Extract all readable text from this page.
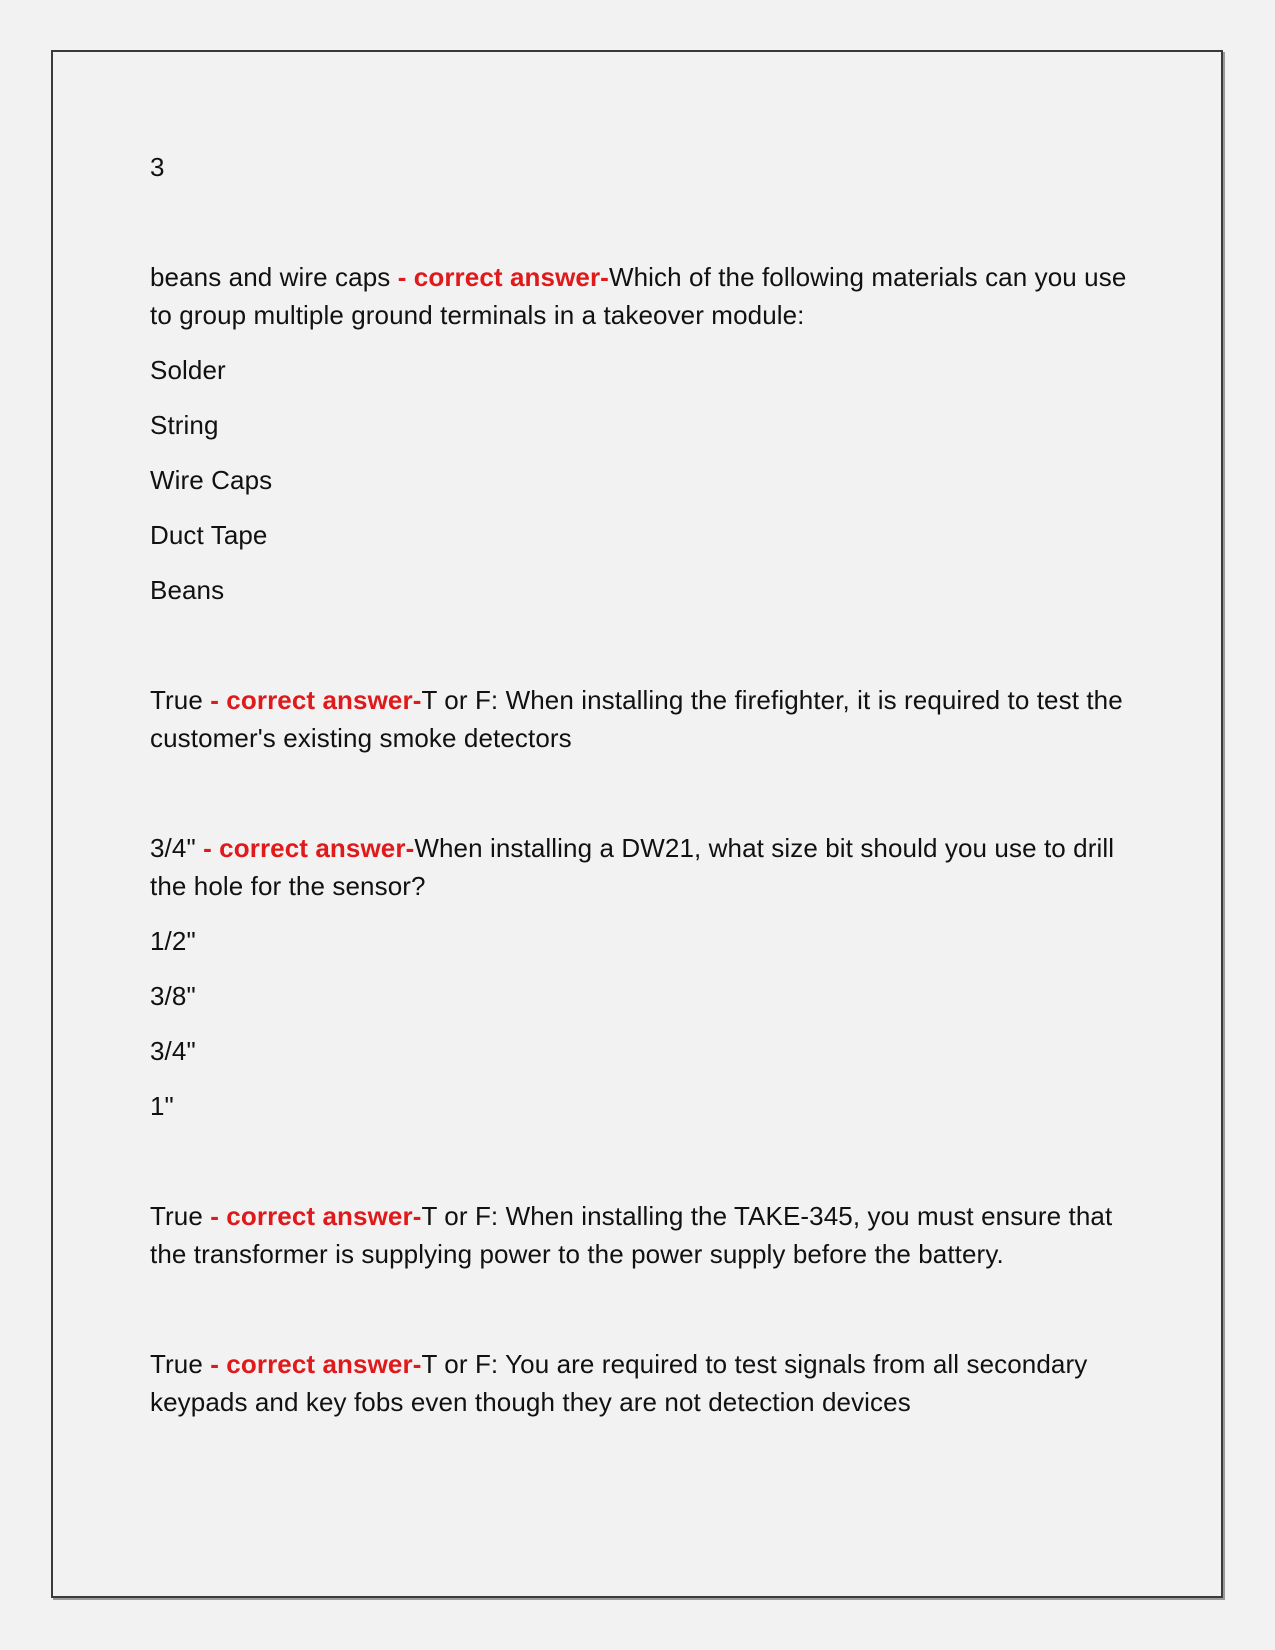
3

beans and wire caps - correct answer-Which of the following materials can you use to group multiple ground terminals in a takeover module:

Solder

String

Wire Caps

Duct Tape

Beans

True - correct answer-T or F: When installing the firefighter, it is required to test the customer's existing smoke detectors

3/4" - correct answer-When installing a DW21, what size bit should you use to drill the hole for the sensor?

1/2"

3/8"

3/4"

1"

True - correct answer-T or F: When installing the TAKE-345, you must ensure that the transformer is supplying power to the power supply before the battery.

True - correct answer-T or F: You are required to test signals from all secondary keypads and key fobs even though they are not detection devices
